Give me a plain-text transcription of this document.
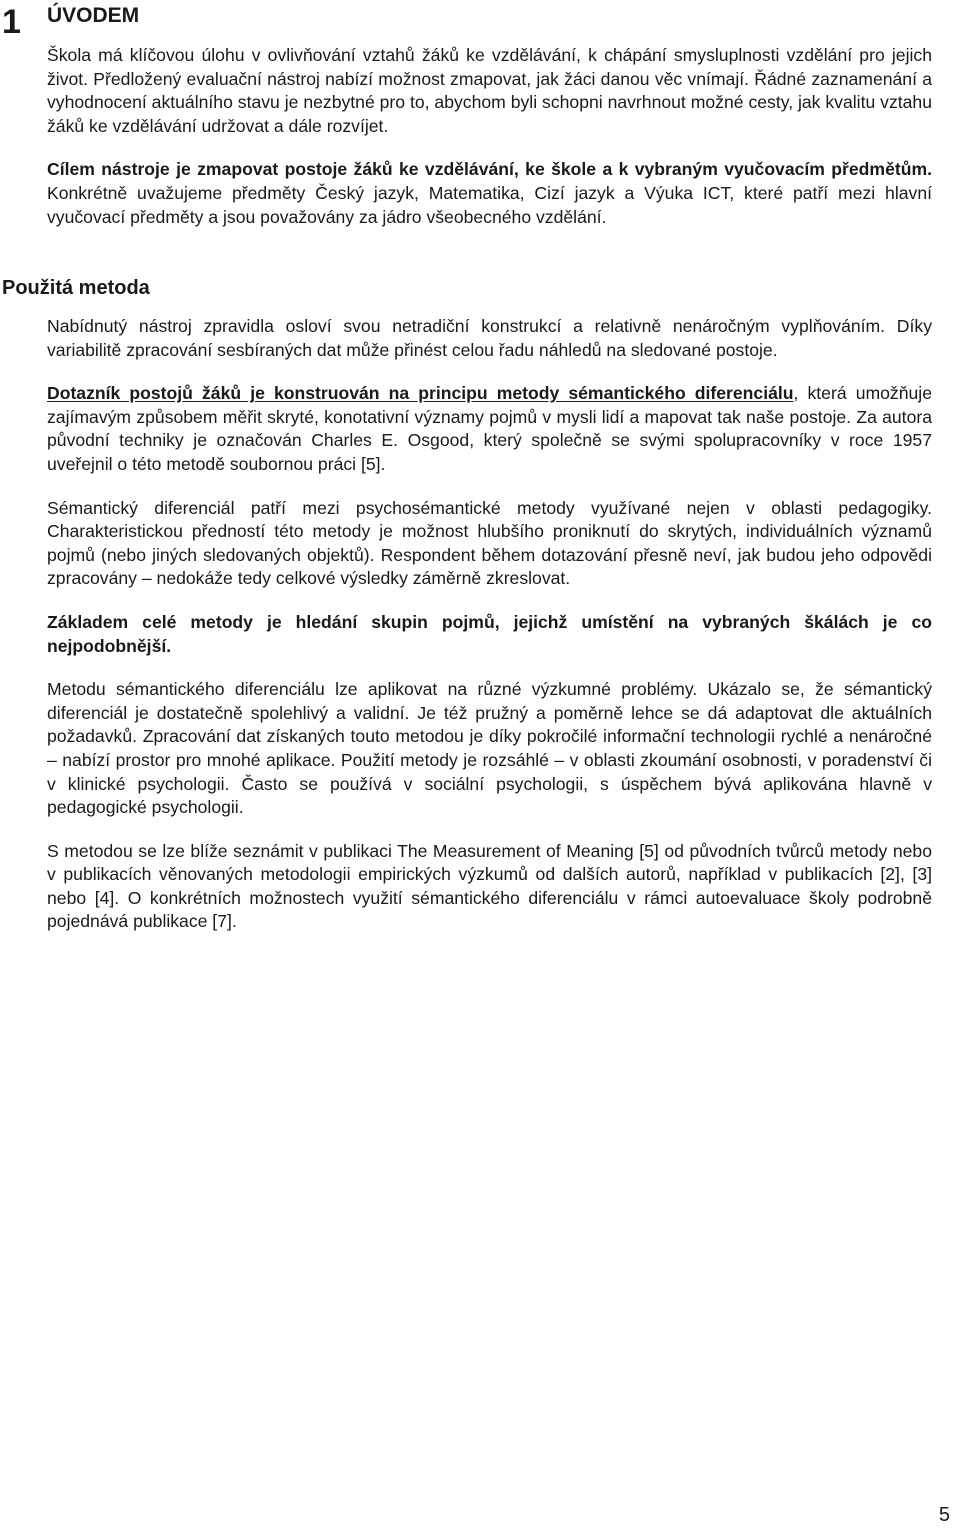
1 ÚVODEM

Škola má klíčovou úlohu v ovlivňování vztahů žáků ke vzdělávání, k chápání smysluplnosti vzdělání pro jejich život. Předložený evaluační nástroj nabízí možnost zmapovat, jak žáci danou věc vnímají. Řádné zaznamenání a vyhodnocení aktuálního stavu je nezbytné pro to, abychom byli schopni navrhnout možné cesty, jak kvalitu vztahu žáků ke vzdělávání udržovat a dále rozvíjet.

Cílem nástroje je zmapovat postoje žáků ke vzdělávání, ke škole a k vybraným vyučovacím předmětům. Konkrétně uvažujeme předměty Český jazyk, Matematika, Cizí jazyk a Výuka ICT, které patří mezi hlavní vyučovací předměty a jsou považovány za jádro všeobecného vzdělání.

Použitá metoda

Nabídnutý nástroj zpravidla osloví svou netradiční konstrukcí a relativně nenáročným vyplňováním. Díky variabilitě zpracování sesbíraných dat může přinést celou řadu náhledů na sledované postoje.

Dotazník postojů žáků je konstruován na principu metody sémantického diferenciálu, která umožňuje zajímavým způsobem měřit skryté, konotativní významy pojmů v mysli lidí a mapovat tak naše postoje. Za autora původní techniky je označován Charles E. Osgood, který společně se svými spolupracovníky v roce 1957 uveřejnil o této metodě soubornou práci [5].

Sémantický diferenciál patří mezi psychosémantické metody využívané nejen v oblasti pedagogiky. Charakteristickou předností této metody je možnost hlubšího proniknutí do skrytých, individuálních významů pojmů (nebo jiných sledovaných objektů). Respondent během dotazování přesně neví, jak budou jeho odpovědi zpracovány – nedokáže tedy celkové výsledky záměrně zkreslovat.

Základem celé metody je hledání skupin pojmů, jejichž umístění na vybraných škálách je co nejpodobnější.

Metodu sémantického diferenciálu lze aplikovat na různé výzkumné problémy. Ukázalo se, že sémantický diferenciál je dostatečně spolehlivý a validní. Je též pružný a poměrně lehce se dá adaptovat dle aktuálních požadavků. Zpracování dat získaných touto metodou je díky pokročilé informační technologii rychlé a nenáročné – nabízí prostor pro mnohé aplikace. Použití metody je rozsáhlé – v oblasti zkoumání osobnosti, v poradenství či v klinické psychologii. Často se používá v sociální psychologii, s úspěchem bývá aplikována hlavně v pedagogické psychologii.

S metodou se lze blíže seznámit v publikaci The Measurement of Meaning [5] od původních tvůrců metody nebo v publikacích věnovaných metodologii empirických výzkumů od dalších autorů, například v publikacích [2], [3] nebo [4]. O konkrétních možnostech využití sémantického diferenciálu v rámci autoevaluace školy podrobně pojednává publikace [7].

5
